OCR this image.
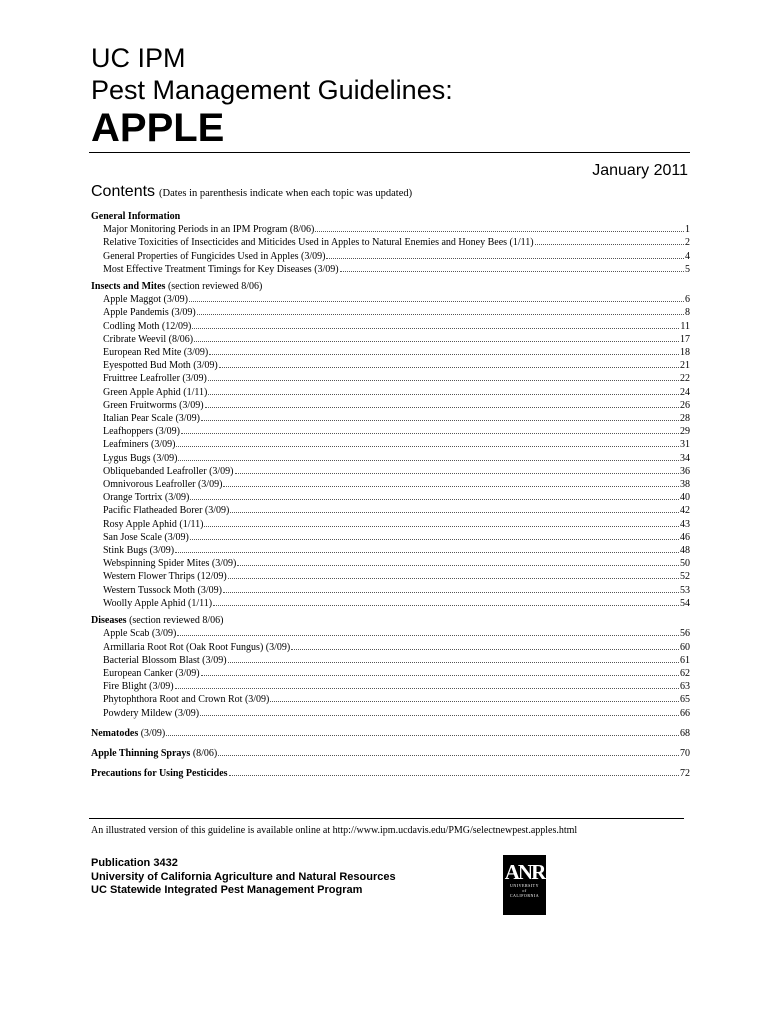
UC IPM
Pest Management Guidelines:
APPLE
January 2011
Contents (Dates in parenthesis indicate when each topic was updated)
General Information
Major Monitoring Periods in an IPM Program (8/06)	1
Relative Toxicities of Insecticides and Miticides Used in Apples to Natural Enemies and Honey Bees (1/11)	2
General Properties of Fungicides Used in Apples (3/09)	4
Most Effective Treatment Timings for Key Diseases (3/09)	5
Insects and Mites (section reviewed 8/06)
Apple Maggot (3/09)	6
Apple Pandemis (3/09)	8
Codling Moth (12/09)	11
Cribrate Weevil (8/06)	17
European Red Mite (3/09)	18
Eyespotted Bud Moth (3/09)	21
Fruittree Leafroller (3/09)	22
Green Apple Aphid (1/11)	24
Green Fruitworms (3/09)	26
Italian Pear Scale (3/09)	28
Leafhoppers (3/09)	29
Leafminers (3/09)	31
Lygus Bugs (3/09)	34
Obliquebanded Leafroller (3/09)	36
Omnivorous Leafroller (3/09)	38
Orange Tortrix (3/09)	40
Pacific Flatheaded Borer (3/09)	42
Rosy Apple Aphid (1/11)	43
San Jose Scale (3/09)	46
Stink Bugs (3/09)	48
Webspinning Spider Mites (3/09)	50
Western Flower Thrips (12/09)	52
Western Tussock Moth (3/09)	53
Woolly Apple Aphid (1/11)	54
Diseases (section reviewed 8/06)
Apple Scab (3/09)	56
Armillaria Root Rot (Oak Root Fungus) (3/09)	60
Bacterial Blossom Blast (3/09)	61
European Canker (3/09)	62
Fire Blight (3/09)	63
Phytophthora Root and Crown Rot (3/09)	65
Powdery Mildew (3/09)	66
Nematodes (3/09)	68
Apple Thinning Sprays (8/06)	70
Precautions for Using Pesticides	72
An illustrated version of this guideline is available online at http://www.ipm.ucdavis.edu/PMG/selectnewpest.apples.html
Publication 3432
University of California Agriculture and Natural Resources
UC Statewide Integrated Pest Management Program
ANR
UNIVERSITY
of
CALIFORNIA
